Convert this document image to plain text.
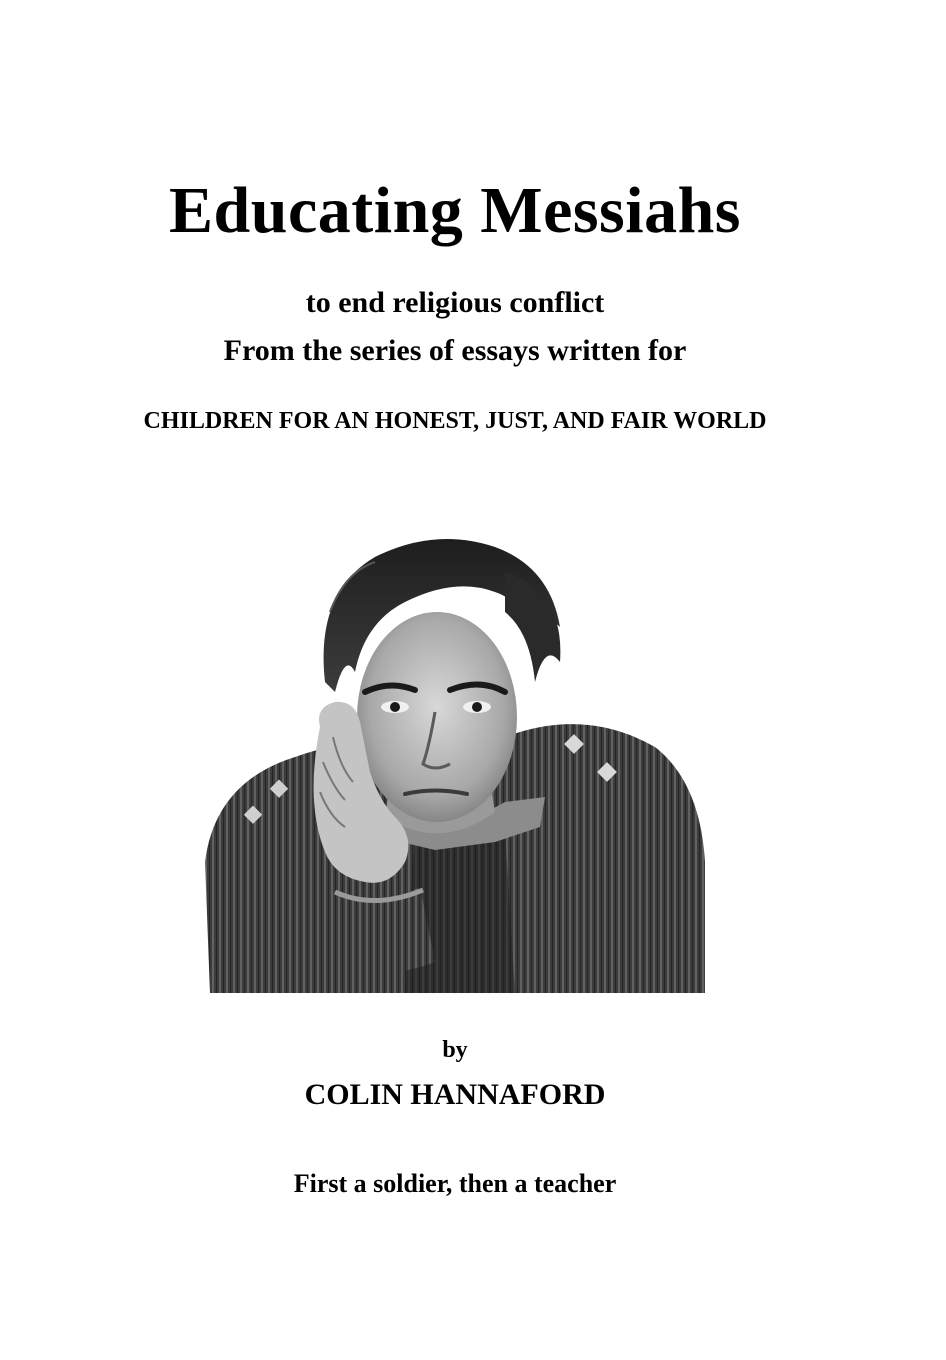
Educating Messiahs
to end religious conflict
From the series of essays written for
CHILDREN FOR AN HONEST, JUST, AND FAIR WORLD
by
COLIN HANNAFORD
First a soldier, then a teacher
